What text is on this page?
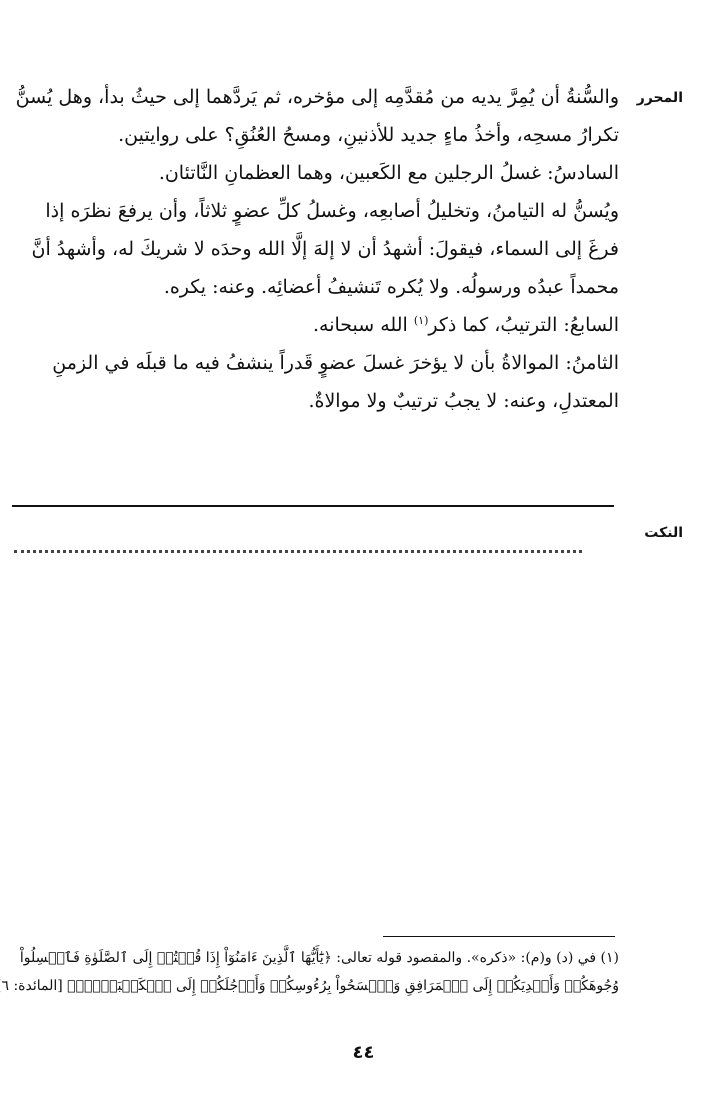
المحرر
والسُّنةُ أن يُمِرَّ يديه من مُقدَّمِه إلى مؤخره، ثم يَردَّهما إلى حيثُ بدأ، وهل يُسنُّ
تكرارُ مسحِه، وأخذُ ماءٍ جديد للأذنينِ، ومسحُ العُنُقِ؟ على روايتين.
السادسُ: غسلُ الرجلين مع الكَعبين، وهما العظمانِ النَّاتئان.
ويُسنُّ له التيامنُ، وتخليلُ أصابعِه، وغسلُ كلِّ عضوٍ ثلاثاً، وأن يرفعَ نظرَه إذا
فرغَ إلى السماء، فيقولَ: أشهدُ أن لا إلهَ إلَّا الله وحدَه لا شريكَ له، وأشهدُ أنَّ
محمداً عبدُه ورسولُه. ولا يُكره تَنشيفُ أعضائِه. وعنه: يكره.
السابعُ: الترتيبُ، كما ذكر$^{(١)}$ الله سبحانه.
الثامنُ: الموالاةُ بأن لا يؤخرَ غسلَ عضوٍ قَدراً ينشفُ فيه ما قبلَه في الزمنِ
المعتدلِ، وعنه: لا يجبُ ترتيبٌ ولا موالاةٌ.
النكت
(١) في (د) و(م): «ذكره». والمقصود قوله تعالى: ﴿يَٰٓأَيُّهَا ٱلَّذِينَ ءَامَنُوٓاْ إِذَا قُمۡتُمۡ إِلَى ٱلصَّلَوٰةِ فَٱغۡسِلُواْ
وُجُوهَكُمۡ وَأَيۡدِيَكُمۡ إِلَى ٱلۡمَرَافِقِ وَٱمۡسَحُواْ بِرُءُوسِكُمۡ وَأَرۡجُلَكُمۡ إِلَى ٱلۡكَعۡبَيۡنِۚ﴾ [المائدة: ٦
٤٤
